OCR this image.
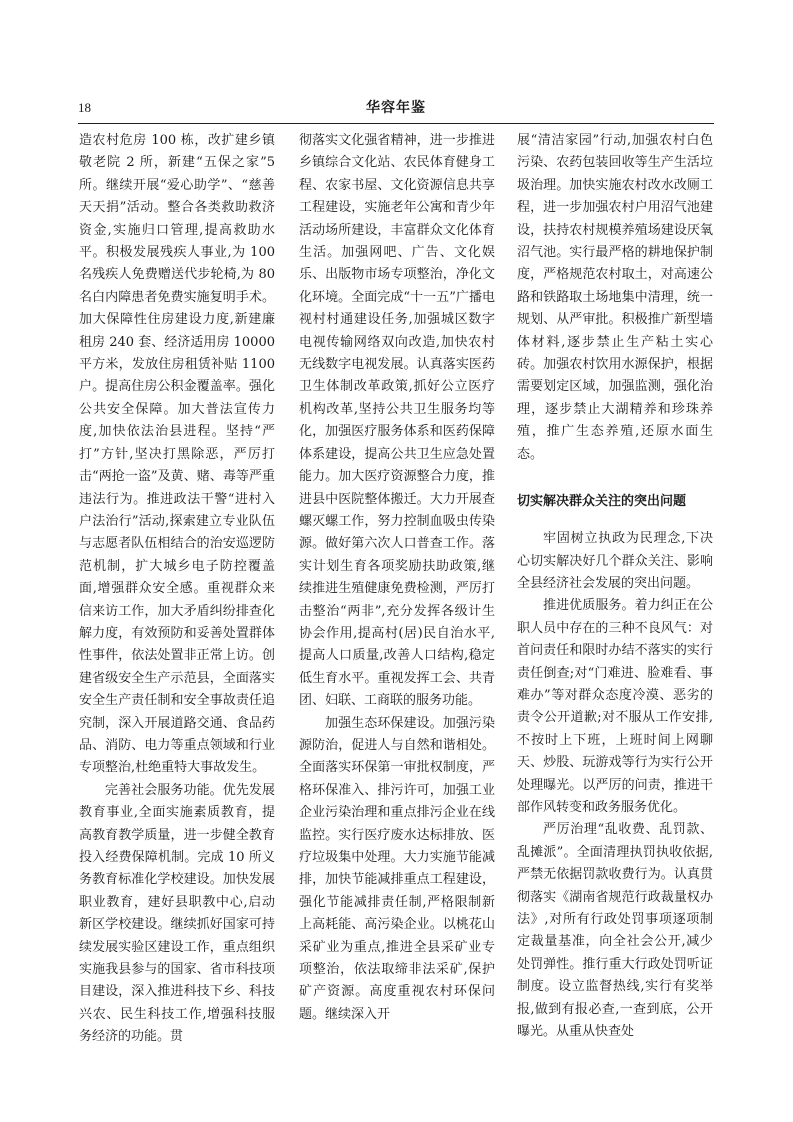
18	华容年鉴

造农村危房 100 栋，改扩建乡镇敬老院 2 所，新建“五保之家”5 所。继续开展“爱心助学”、“慈善天天捐”活动。整合各类救助救济资金,实施归口管理,提高救助水平。积极发展残疾人事业,为 100 名残疾人免费赠送代步轮椅,为 80 名白内障患者免费实施复明手术。加大保障性住房建设力度,新建廉租房 240 套、经济适用房 10000 平方米，发放住房租赁补贴 1100 户。提高住房公积金覆盖率。强化公共安全保障。加大普法宣传力度,加快依法治县进程。坚持“严打”方针,坚决打黑除恶，严厉打击“两抢一盗”及黄、赌、毒等严重违法行为。推进政法干警“进村入户法治行”活动,探索建立专业队伍与志愿者队伍相结合的治安巡逻防范机制，扩大城乡电子防控覆盖面,增强群众安全感。重视群众来信来访工作，加大矛盾纠纷排查化解力度，有效预防和妥善处置群体性事件，依法处置非正常上访。创建省级安全生产示范县，全面落实安全生产责任制和安全事故责任追究制，深入开展道路交通、食品药品、消防、电力等重点领域和行业专项整治,杜绝重特大事故发生。

完善社会服务功能。优先发展教育事业,全面实施素质教育，提高教育教学质量，进一步健全教育投入经费保障机制。完成 10 所义务教育标准化学校建设。加快发展职业教育，建好县职教中心,启动新区学校建设。继续抓好国家可持续发展实验区建设工作，重点组织实施我县参与的国家、省市科技项目建设，深入推进科技下乡、科技兴农、民生科技工作,增强科技服务经济的功能。贯

彻落实文化强省精神，进一步推进乡镇综合文化站、农民体育健身工程、农家书屋、文化资源信息共享工程建设，实施老年公寓和青少年活动场所建设，丰富群众文化体育生活。加强网吧、广告、文化娱乐、出版物市场专项整治，净化文化环境。全面完成“十一五”广播电视村村通建设任务,加强城区数字电视传输网络双向改造,加快农村无线数字电视发展。认真落实医药卫生体制改革政策,抓好公立医疗机构改革,坚持公共卫生服务均等化，加强医疗服务体系和医药保障体系建设，提高公共卫生应急处置能力。加大医疗资源整合力度，推进县中医院整体搬迁。大力开展查螺灭螺工作，努力控制血吸虫传染源。做好第六次人口普查工作。落实计划生育各项奖励扶助政策,继续推进生殖健康免费检测，严厉打击整治“两非”,充分发挥各级计生协会作用,提高村(居)民自治水平,提高人口质量,改善人口结构,稳定低生育水平。重视发挥工会、共青团、妇联、工商联的服务功能。

加强生态环保建设。加强污染源防治，促进人与自然和谐相处。全面落实环保第一审批权制度，严格环保准入、排污许可，加强工业企业污染治理和重点排污企业在线监控。实行医疗废水达标排放、医疗垃圾集中处理。大力实施节能减排，加快节能减排重点工程建设，强化节能减排责任制,严格限制新上高耗能、高污染企业。以桃花山采矿业为重点,推进全县采矿业专项整治，依法取缔非法采矿,保护矿产资源。高度重视农村环保问题。继续深入开

展“清洁家园”行动,加强农村白色污染、农药包装回收等生产生活垃圾治理。加快实施农村改水改厕工程，进一步加强农村户用沼气池建设，扶持农村规模养殖场建设厌氧沼气池。实行最严格的耕地保护制度，严格规范农村取土，对高速公路和铁路取土场地集中清理，统一规划、从严审批。积极推广新型墙体材料,逐步禁止生产粘土实心砖。加强农村饮用水源保护，根据需要划定区域，加强监测，强化治理，逐步禁止大湖精养和珍珠养殖，推广生态养殖,还原水面生态。

切实解决群众关注的突出问题

牢固树立执政为民理念,下决心切实解决好几个群众关注、影响全县经济社会发展的突出问题。

推进优质服务。着力纠正在公职人员中存在的三种不良风气：对首问责任和限时办结不落实的实行责任倒查;对“门难进、脸难看、事难办”等对群众态度冷漠、恶劣的责令公开道歉;对不服从工作安排,不按时上下班，上班时间上网聊天、炒股、玩游戏等行为实行公开处理曝光。以严厉的问责，推进干部作风转变和政务服务优化。

严厉治理“乱收费、乱罚款、乱摊派”。全面清理执罚执收依据,严禁无依据罚款收费行为。认真贯彻落实《湖南省规范行政裁量权办法》,对所有行政处罚事项逐项制定裁量基准，向全社会公开,减少处罚弹性。推行重大行政处罚听证制度。设立监督热线,实行有奖举报,做到有报必查,一查到底，公开曝光。从重从快查处
